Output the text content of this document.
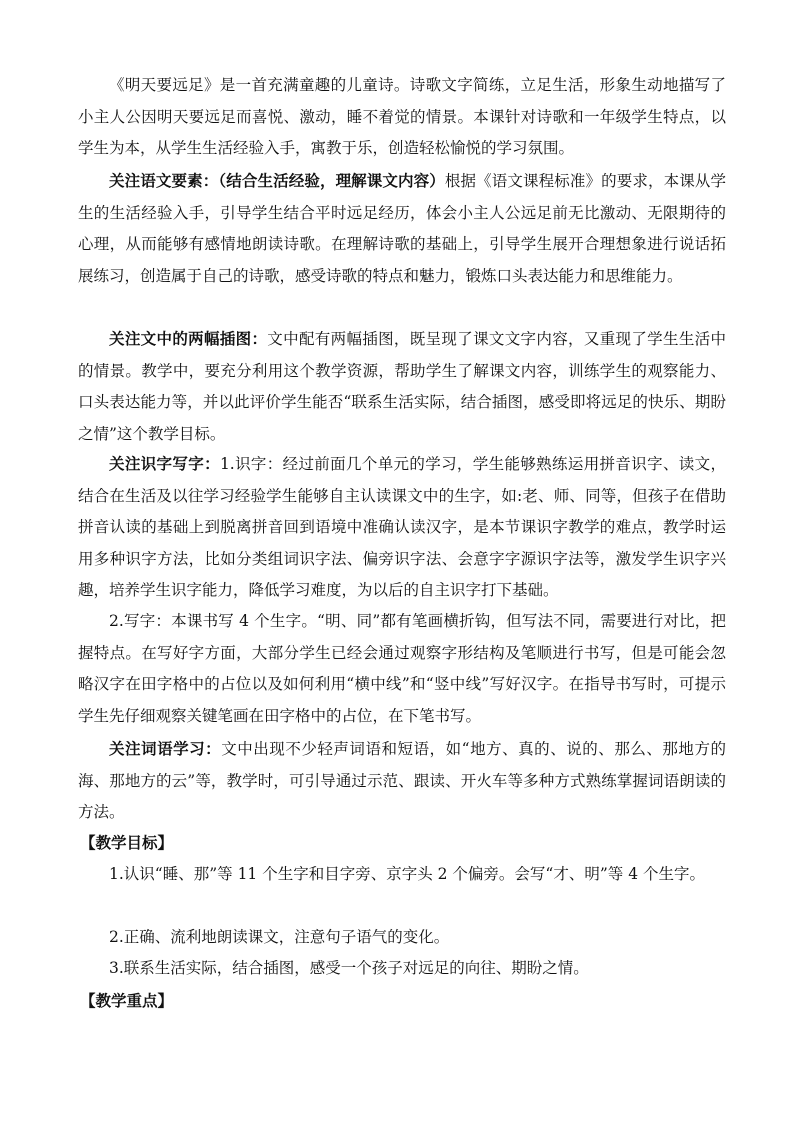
《明天要远足》是一首充满童趣的儿童诗。诗歌文字简练，立足生活，形象生动地描写了小主人公因明天要远足而喜悦、激动，睡不着觉的情景。本课针对诗歌和一年级学生特点，以学生为本，从学生生活经验入手，寓教于乐，创造轻松愉悦的学习氛围。

关注语文要素：（结合生活经验，理解课文内容）根据《语文课程标准》的要求，本课从学生的生活经验入手，引导学生结合平时远足经历，体会小主人公远足前无比激动、无限期待的心理，从而能够有感情地朗读诗歌。在理解诗歌的基础上，引导学生展开合理想象进行说话拓展练习，创造属于自己的诗歌，感受诗歌的特点和魅力，锻炼口头表达能力和思维能力。

关注文中的两幅插图：文中配有两幅插图，既呈现了课文文字内容，又重现了学生生活中的情景。教学中，要充分利用这个教学资源，帮助学生了解课文内容，训练学生的观察能力、口头表达能力等，并以此评价学生能否“联系生活实际，结合插图，感受即将远足的快乐、期盼之情”这个教学目标。

关注识字写字：1.识字：经过前面几个单元的学习，学生能够熟练运用拼音识字、读文，结合在生活及以往学习经验学生能够自主认读课文中的生字，如:老、师、同等，但孩子在借助拼音认读的基础上到脱离拼音回到语境中准确认读汉字，是本节课识字教学的难点，教学时运用多种识字方法，比如分类组词识字法、偏旁识字法、会意字字源识字法等，激发学生识字兴趣，培养学生识字能力，降低学习难度，为以后的自主识字打下基础。

2.写字：本课书写 4 个生字。“明、同”都有笔画横折钩，但写法不同，需要进行对比，把握特点。在写好字方面，大部分学生已经会通过观察字形结构及笔顺进行书写，但是可能会忽略汉字在田字格中的占位以及如何利用“横中线”和“竖中线”写好汉字。在指导书写时，可提示学生先仔细观察关键笔画在田字格中的占位，在下笔书写。

关注词语学习：文中出现不少轻声词语和短语，如“地方、真的、说的、那么、那地方的海、那地方的云”等，教学时，可引导通过示范、跟读、开火车等多种方式熟练掌握词语朗读的方法。

【教学目标】

1.认识“睡、那”等 11 个生字和目字旁、京字头 2 个偏旁。会写“才、明”等 4 个生字。

2.正确、流利地朗读课文，注意句子语气的变化。

3.联系生活实际，结合插图，感受一个孩子对远足的向往、期盼之情。

【教学重点】
